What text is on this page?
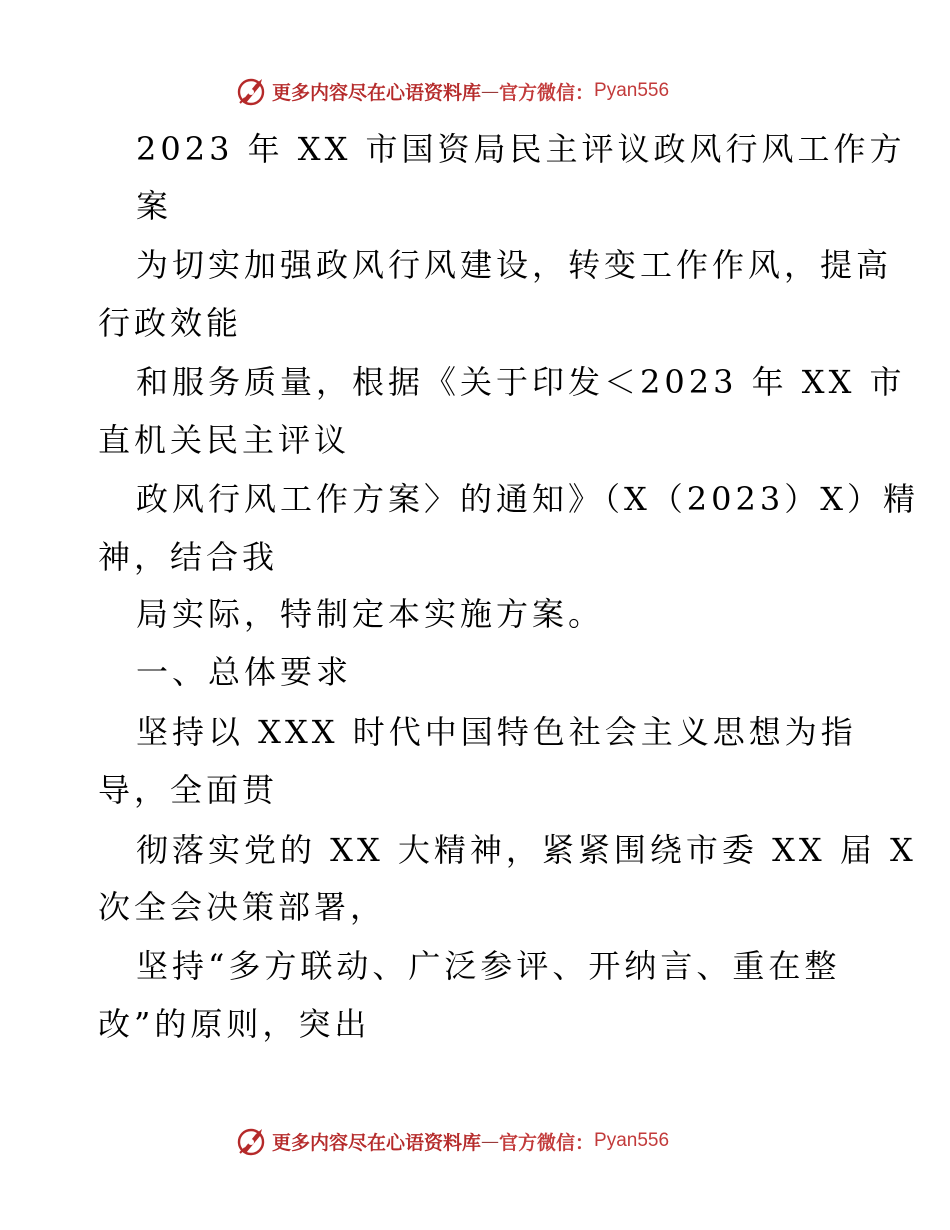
更多内容尽在心语资料库 — 官方微信： Pyan556

2023 年 XX 市国资局民主评议政风行风工作方

案

为切实加强政风行风建设，转变工作作风，提高

行政效能

和服务质量，根据《关于印发＜2023 年 XX 市

直机关民主评议

政风行风工作方案〉的通知》（X（2023）X）精

神，结合我

局实际，特制定本实施方案。

一、总体要求

坚持以 XXX 时代中国特色社会主义思想为指

导，全面贯

彻落实党的 XX 大精神，紧紧围绕市委 XX 届 X

次全会决策部署，

坚持“多方联动、广泛参评、开纳言、重在整

改”的原则，突出

更多内容尽在心语资料库 — 官方微信： Pyan556
